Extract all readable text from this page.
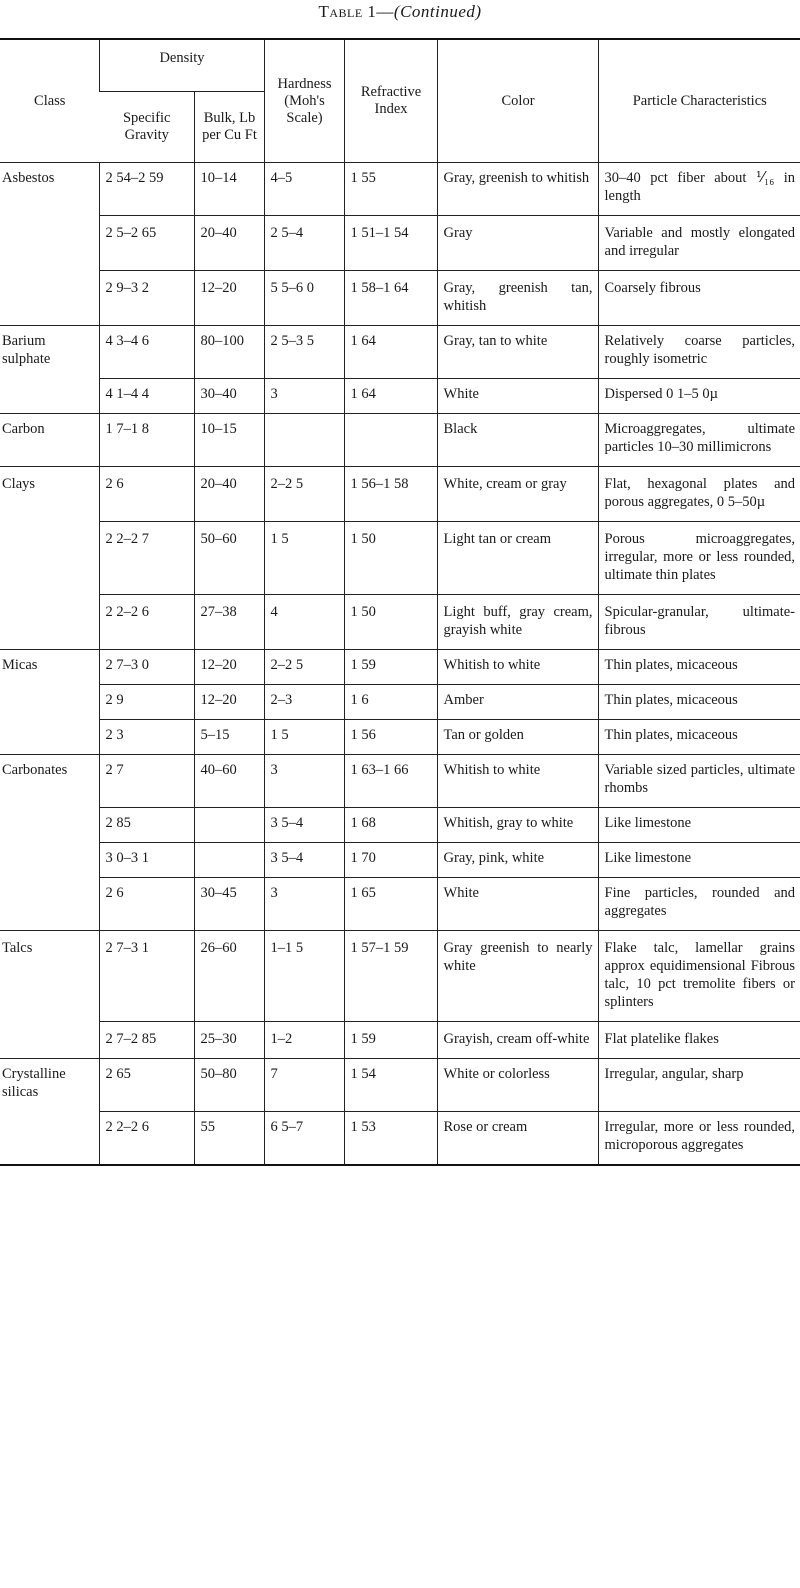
Table 1—(Continued)
Class	Density		Hardness (Moh's Scale)	Refractive Index	Color	Particle Characteristics
	Specific Gravity	Bulk, Lb per Cu Ft				
Asbestos	2 54–2 59	10–14	4–5	1 55	Gray, greenish to whitish	30–40 pct fiber about ⅟₁₆ in length
	2 5–2 65	20–40	2 5–4	1 51–1 54	Gray	Variable and mostly elongated and irregular
	2 9–3 2	12–20	5 5–6 0	1 58–1 64	Gray, greenish tan, whitish	Coarsely fibrous
Barium sulphate	4 3–4 6	80–100	2 5–3 5	1 64	Gray, tan to white	Relatively coarse particles, roughly isometric
	4 1–4 4	30–40	3	1 64	White	Dispersed 0 1–5 0µ
Carbon	1 7–1 8	10–15			Black	Microaggregates, ultimate particles 10–30 millimicrons
Clays	2 6	20–40	2–2 5	1 56–1 58	White, cream or gray	Flat, hexagonal plates and porous aggregates, 0 5–50µ
	2 2–2 7	50–60	1 5	1 50	Light tan or cream	Porous microaggregates, irregular, more or less rounded, ultimate thin plates
	2 2–2 6	27–38	4	1 50	Light buff, gray cream, grayish white	Spicular-granular, ultimate-fibrous
Micas	2 7–3 0	12–20	2–2 5	1 59	Whitish to white	Thin plates, micaceous
	2 9	12–20	2–3	1 6	Amber	Thin plates, micaceous
	2 3	5–15	1 5	1 56	Tan or golden	Thin plates, micaceous
Carbonates	2 7	40–60	3	1 63–1 66	Whitish to white	Variable sized particles, ultimate rhombs
	2 85		3 5–4	1 68	Whitish, gray to white	Like limestone
	3 0–3 1		3 5–4	1 70	Gray, pink, white	Like limestone
	2 6	30–45	3	1 65	White	Fine particles, rounded and aggregates
Talcs	2 7–3 1	26–60	1–1 5	1 57–1 59	Gray greenish to nearly white	Flake talc, lamellar grains approx equidimensional Fibrous talc, 10 pct tremolite fibers or splinters
	2 7–2 85	25–30	1–2	1 59	Grayish, cream off-white	Flat platelike flakes
Crystalline silicas	2 65	50–80	7	1 54	White or colorless	Irregular, angular, sharp
	2 2–2 6	55	6 5–7	1 53	Rose or cream	Irregular, more or less rounded, microporous aggregates
